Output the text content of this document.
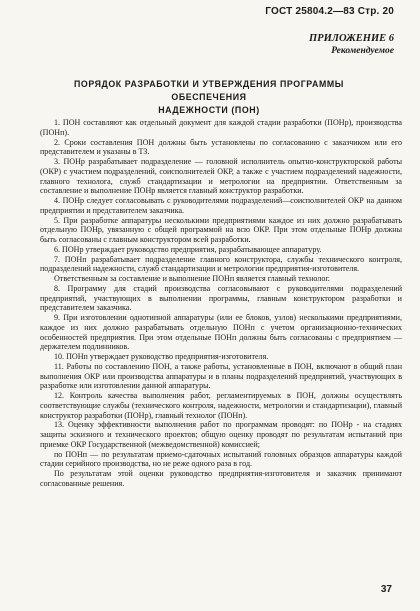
ГОСТ 25804.2—83 Стр. 20
ПРИЛОЖЕНИЕ 6
Рекомендуемое
ПОРЯДОК РАЗРАБОТКИ И УТВЕРЖДЕНИЯ ПРОГРАММЫ ОБЕСПЕЧЕНИЯ
НАДЕЖНОСТИ (ПОН)

1. ПОН составляют как отдельный документ для каждой стадии разработки (ПОНр), производства (ПОНп).

2. Сроки составления ПОН должны быть установлены по согласованию с заказчиком или его представителем и указаны в ТЗ.

3. ПОНр разрабатывает подразделение — головной исполнитель опытно-конструкторской работы (ОКР) с участием подразделений, соисполнителей ОКР, а также с участием подразделений надежности, главного технолога, служб стандартизации и метрологии на предприятии. Ответственным за составление и выполнение ПОНр является главный конструктор разработки.

4. ПОНр следует согласовывать с руководителями подразделений—соисполнителей ОКР на данном предприятии и представителем заказчика.

5. При разработке аппаратуры несколькими предприятиями каждое из них должно разрабатывать отдельную ПОНр, увязанную с общей программой на всю ОКР. При этом отдельные ПОНр должны быть согласованы с главным конструктором всей разработки.

6. ПОНр утверждает руководство предприятия, разрабатывающее аппаратуру.

7. ПОНп разрабатывает подразделение главного конструктора, службы технического контроля, подразделений надежности, служб стандартизации и метрологии предприятия-изготовителя.

Ответственным за составление и выполнение ПОНп является главный технолог.

8. Программу для стадий производства согласовывают с руководителями подразделений предприятий, участвующих в выполнении программы, главным конструктором разработки и представителем заказчика.

9. При изготовлении однотипной аппаратуры (или ее блоков, узлов) несколькими предприятиями, каждое из них должно разрабатывать отдельную ПОНп с учетом организационно-технических особенностей предприятия. При этом отдельные ПОНп должны быть согласованы с предприятием — держателем подлинников.

10. ПОНп утверждает руководство предприятия-изготовителя.

11. Работы по составлению ПОН, а также работы, установленные в ПОН, включают в общий план выполнения ОКР или производства аппаратуры и в планы подразделений предприятий, участвующих в разработке или изготовлении данной аппаратуры.

12. Контроль качества выполнения работ, регламентируемых в ПОН, должны осуществлять соответствующие службы (технического контроля, надежности, метрологии и стандартизации), главный конструктор разработки (ПОНр), главный технолог (ПОНп).

13. Оценку эффективности выполнения работ по программам проводят: по ПОНр - на стадиях защиты эскизного и технического проектов; общую оценку проводят по результатам испытаний при приемке ОКР Государственной (межведомственной) комиссией;

по ПОНп — по результатам приемо-сдаточных испытаний головных образцов аппаратуры каждой стадии серийного производства, но не реже одного раза в год.

По результатам этой оценки руководство предприятия-изготовителя и заказчик принимают согласованные решения.

37
